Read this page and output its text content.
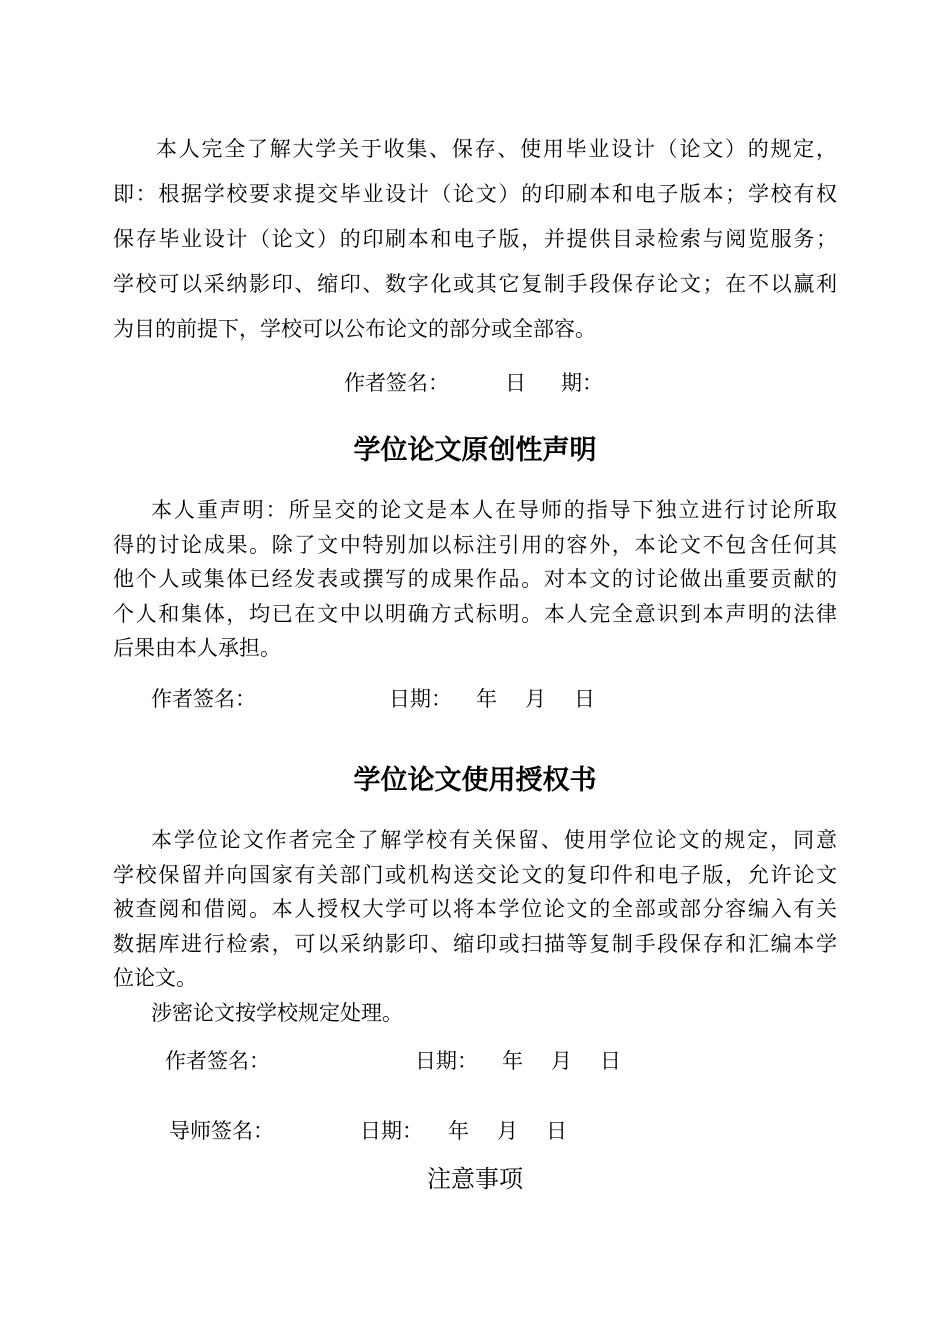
本人完全了解大学关于收集、保存、使用毕业设计（论文）的规定，
即：根据学校要求提交毕业设计（论文）的印刷本和电子版本；学校有权
保存毕业设计（论文）的印刷本和电子版，并提供目录检索与阅览服务；
学校可以采纳影印、缩印、数字化或其它复制手段保存论文；在不以赢利
为目的前提下，学校可以公布论文的部分或全部容。
作者签名：	日 期：
学位论文原创性声明
本人重声明：所呈交的论文是本人在导师的指导下独立进行讨论所取
得的讨论成果。除了文中特别加以标注引用的容外，本论文不包含任何其
他个人或集体已经发表或撰写的成果作品。对本文的讨论做出重要贡献的
个人和集体，均已在文中以明确方式标明。本人完全意识到本声明的法律
后果由本人承担。
作者签名：	日期： 年 月 日
学位论文使用授权书
本学位论文作者完全了解学校有关保留、使用学位论文的规定，同意
学校保留并向国家有关部门或机构送交论文的复印件和电子版，允许论文
被查阅和借阅。本人授权大学可以将本学位论文的全部或部分容编入有关
数据库进行检索，可以采纳影印、缩印或扫描等复制手段保存和汇编本学
位论文。
涉密论文按学校规定处理。
作者签名：	日期： 年 月 日
导师签名：	日期： 年 月 日
注意事项
